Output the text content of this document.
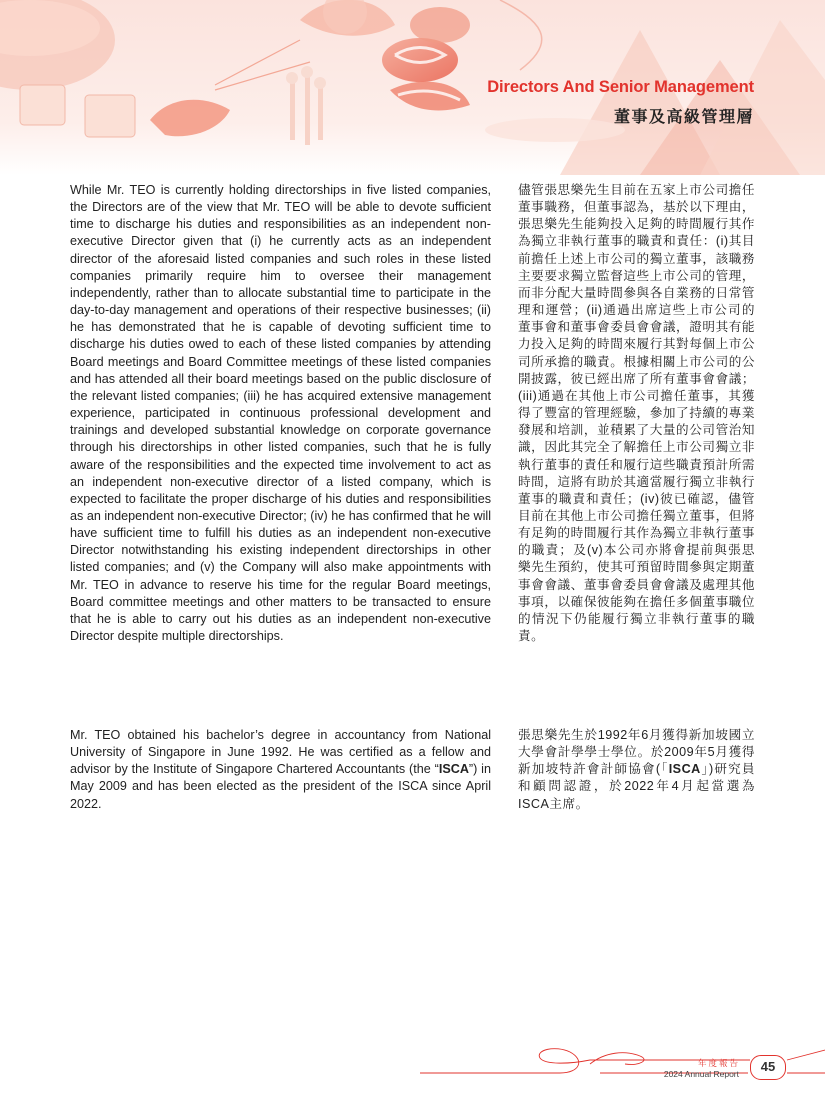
Directors And Senior Management
董事及高級管理層

While Mr. TEO is currently holding directorships in five listed companies, the Directors are of the view that Mr. TEO will be able to devote sufficient time to discharge his duties and responsibilities as an independent non-executive Director given that (i) he currently acts as an independent director of the aforesaid listed companies and such roles in these listed companies primarily require him to oversee their management independently, rather than to allocate substantial time to participate in the day-to-day management and operations of their respective businesses; (ii) he has demonstrated that he is capable of devoting sufficient time to discharge his duties owed to each of these listed companies by attending Board meetings and Board Committee meetings of these listed companies and has attended all their board meetings based on the public disclosure of the relevant listed companies; (iii) he has acquired extensive management experience, participated in continuous professional development and trainings and developed substantial knowledge on corporate governance through his directorships in other listed companies, such that he is fully aware of the responsibilities and the expected time involvement to act as an independent non-executive director of a listed company, which is expected to facilitate the proper discharge of his duties and responsibilities as an independent non-executive Director; (iv) he has confirmed that he will have sufficient time to fulfill his duties as an independent non-executive Director notwithstanding his existing independent directorships in other listed companies; and (v) the Company will also make appointments with Mr. TEO in advance to reserve his time for the regular Board meetings, Board committee meetings and other matters to be transacted to ensure that he is able to carry out his duties as an independent non-executive Director despite multiple directorships.

Mr. TEO obtained his bachelor’s degree in accountancy from National University of Singapore in June 1992. He was certified as a fellow and advisor by the Institute of Singapore Chartered Accountants (the “ISCA”) in May 2009 and has been elected as the president of the ISCA since April 2022.

儘管張思樂先生目前在五家上市公司擔任董事職務，但董事認為，基於以下理由，張思樂先生能夠投入足夠的時間履行其作為獨立非執行董事的職責和責任：(i)其目前擔任上述上市公司的獨立董事，該職務主要要求獨立監督這些上市公司的管理，而非分配大量時間參與各自業務的日常管理和運營；(ii)通過出席這些上市公司的董事會和董事會委員會會議，證明其有能力投入足夠的時間來履行其對每個上市公司所承擔的職責。根據相關上市公司的公開披露，彼已經出席了所有董事會會議；(iii)通過在其他上市公司擔任董事，其獲得了豐富的管理經驗，參加了持續的專業發展和培訓，並積累了大量的公司管治知識，因此其完全了解擔任上市公司獨立非執行董事的責任和履行這些職責預計所需時間，這將有助於其適當履行獨立非執行董事的職責和責任；(iv)彼已確認，儘管目前在其他上市公司擔任獨立董事，但將有足夠的時間履行其作為獨立非執行董事的職責；及(v)本公司亦將會提前與張思樂先生預約，使其可預留時間參與定期董事會會議、董事會委員會會議及處理其他事項，以確保彼能夠在擔任多個董事職位的情況下仍能履行獨立非執行董事的職責。

張思樂先生於1992年6月獲得新加坡國立大學會計學學士學位。於2009年5月獲得新加坡特許會計師協會(「ISCA」)研究員和顧問認證，於2022年4月起當選為ISCA主席。

年度報告
2024 Annual Report	45
